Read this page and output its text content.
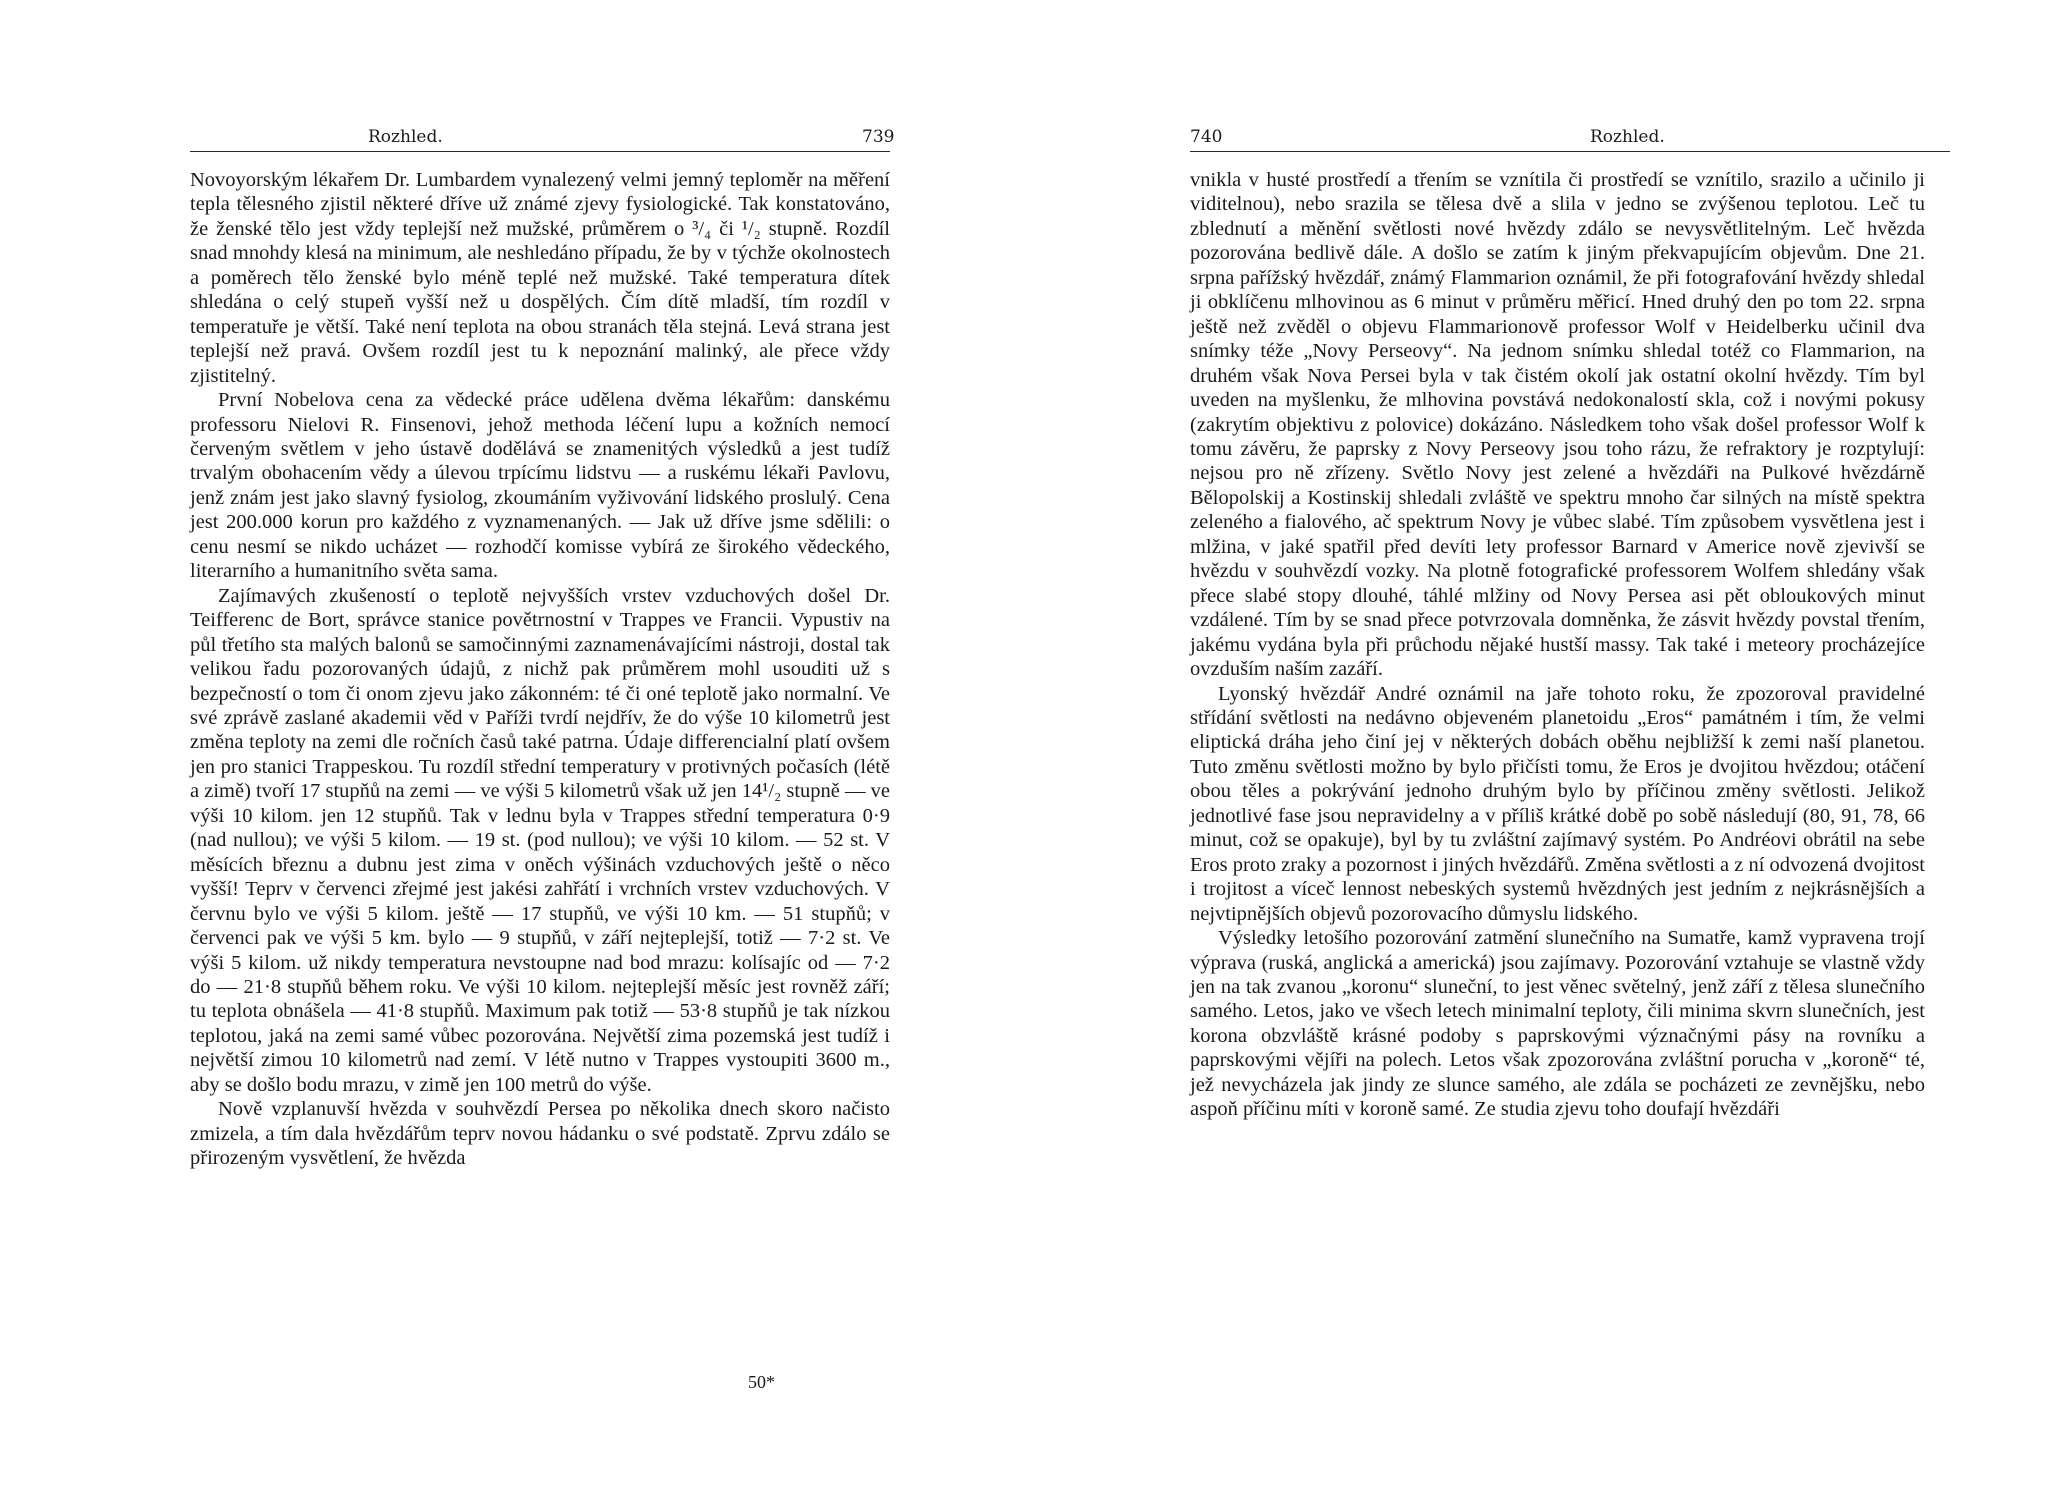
Rozhled.	739

Novoyorským lékařem Dr. Lumbardem vynalezený velmi jemný teploměr na měření tepla tělesného zjistil některé dříve už známé zjevy fysiologické. Tak konstatováno, že ženské tělo jest vždy teplejší než mužské, průměrem o ³/₄ či ¹/₂ stupně. Rozdíl snad mnohdy klesá na minimum, ale neshledáno případu, že by v týchže okolnostech a poměrech tělo ženské bylo méně teplé než mužské. Také temperatura dítek shledána o celý stupeň vyšší než u dospělých. Čím dítě mladší, tím rozdíl v temperatuře je větší. Také není teplota na obou stranách těla stejná. Levá strana jest teplejší než pravá. Ovšem rozdíl jest tu k nepoznání malinký, ale přece vždy zjistitelný.

První Nobelova cena za vědecké práce udělena dvěma lékařům: danskému professoru Nielovi R. Finsenovi, jehož methoda léčení lupu a kožních nemocí červeným světlem v jeho ústavě dodělává se znamenitých výsledků a jest tudíž trvalým obohacením vědy a úlevou trpícímu lidstvu — a ruskému lékaři Pavlovu, jenž znám jest jako slavný fysiolog, zkoumáním vyživování lidského proslulý. Cena jest 200.000 korun pro každého z vyznamenaných. — Jak už dříve jsme sdělili: o cenu nesmí se nikdo ucházet — rozhodčí komisse vybírá ze širokého vědeckého, literarního a humanitního světa sama.

Zajímavých zkušeností o teplotě nejvyšších vrstev vzduchových došel Dr. Teifferenc de Bort, správce stanice povětrnostní v Trappes ve Francii. Vypustiv na půl třetího sta malých balonů se samočinnými zaznamenávajícími nástroji, dostal tak velikou řadu pozorovaných údajů, z nichž pak průměrem mohl usouditi už s bezpečností o tom či onom zjevu jako zákonném: té či oné teplotě jako normalní. Ve své zprávě zaslané akademii věd v Paříži tvrdí nejdřív, že do výše 10 kilometrů jest změna teploty na zemi dle ročních časů také patrna. Údaje differencialní platí ovšem jen pro stanici Trappeskou. Tu rozdíl střední temperatury v protivných počasích (létě a zimě) tvoří 17 stupňů na zemi — ve výši 5 kilometrů však už jen 14¹/₂ stupně — ve výši 10 kilom. jen 12 stupňů. Tak v lednu byla v Trappes střední temperatura 0·9 (nad nullou); ve výši 5 kilom. — 19 st. (pod nullou); ve výši 10 kilom. — 52 st. V měsících březnu a dubnu jest zima v oněch výšinách vzduchových ještě o něco vyšší! Teprv v červenci zřejmé jest jakési zahřátí i vrchních vrstev vzduchových. V červnu bylo ve výši 5 kilom. ještě — 17 stupňů, ve výši 10 km. — 51 stupňů; v červenci pak ve výši 5 km. bylo — 9 stupňů, v září nejteplejší, totiž — 7·2 st. Ve výši 5 kilom. už nikdy temperatura nevstoupne nad bod mrazu: kolísajíc od — 7·2 do — 21·8 stupňů během roku. Ve výši 10 kilom. nejteplejší měsíc jest rovněž září; tu teplota obnášela — 41·8 stupňů. Maximum pak totiž — 53·8 stupňů je tak nízkou teplotou, jaká na zemi samé vůbec pozorována. Největší zima pozemská jest tudíž i největší zimou 10 kilometrů nad zemí. V létě nutno v Trappes vystoupiti 3600 m., aby se došlo bodu mrazu, v zimě jen 100 metrů do výše.

Nově vzplanuvší hvězda v souhvězdí Persea po několika dnech skoro načisto zmizela, a tím dala hvězdářům teprv novou hádanku o své podstatě. Zprvu zdálo se přirozeným vysvětlení, že hvězda

50*
740	Rozhled.

vnikla v husté prostředí a třením se vznítila či prostředí se vznítilo, srazilo a učinilo ji viditelnou), nebo srazila se tělesa dvě a slila v jedno se zvýšenou teplotou. Leč tu zblednutí a měnění světlosti nové hvězdy zdálo se nevysvětlitelným. Leč hvězda pozorována bedlivě dále. A došlo se zatím k jiným překvapujícím objevům. Dne 21. srpna pařížský hvězdář, známý Flammarion oznámil, že při fotografování hvězdy shledal ji obklíčenu mlhovinou as 6 minut v průměru měřicí. Hned druhý den po tom 22. srpna ještě než zvěděl o objevu Flammarionově professor Wolf v Heidelberku učinil dva snímky téže „Novy Perseovy“. Na jednom snímku shledal totéž co Flammarion, na druhém však Nova Persei byla v tak čistém okolí jak ostatní okolní hvězdy. Tím byl uveden na myšlenku, že mlhovina povstává nedokonalostí skla, což i novými pokusy (zakrytím objektivu z polovice) dokázáno. Následkem toho však došel professor Wolf k tomu závěru, že paprsky z Novy Perseovy jsou toho rázu, že refraktory je rozptylují: nejsou pro ně zřízeny. Světlo Novy jest zelené a hvězdáři na Pulkové hvězdárně Bělopolskij a Kostinskij shledali zvláště ve spektru mnoho čar silných na místě spektra zeleného a fialového, ač spektrum Novy je vůbec slabé. Tím způsobem vysvětlena jest i mlžina, v jaké spatřil před devíti lety professor Barnard v Americe nově zjevivší se hvězdu v souhvězdí vozky. Na plotně fotografické professorem Wolfem shledány však přece slabé stopy dlouhé, táhlé mlžiny od Novy Persea asi pět obloukových minut vzdálené. Tím by se snad přece potvrzovala domněnka, že zásvit hvězdy povstal třením, jakému vydána byla při průchodu nějaké hustší massy. Tak také i meteory procházejíce ovzduším naším zazáří.

Lyonský hvězdář André oznámil na jaře tohoto roku, že zpozoroval pravidelné střídání světlosti na nedávno objeveném planetoidu „Eros“ památném i tím, že velmi eliptická dráha jeho činí jej v některých dobách oběhu nejbližší k zemi naší planetou. Tuto změnu světlosti možno by bylo přičísti tomu, že Eros je dvojitou hvězdou; otáčení obou těles a pokrývání jednoho druhým bylo by příčinou změny světlosti. Jelikož jednotlivé fase jsou nepravidelny a v příliš krátké době po sobě následují (80, 91, 78, 66 minut, což se opakuje), byl by tu zvláštní zajímavý systém. Po Andréovi obrátil na sebe Eros proto zraky a pozornost i jiných hvězdářů. Změna světlosti a z ní odvozená dvojitost i trojitost a víceč lennost nebeských systemů hvězdných jest jedním z nejkrásnějších a nejvtipnějších objevů pozorovacího důmyslu lidského.

Výsledky letošího pozorování zatmění slunečního na Sumatře, kamž vypravena trojí výprava (ruská, anglická a americká) jsou zajímavy. Pozorování vztahuje se vlastně vždy jen na tak zvanou „koronu“ sluneční, to jest věnec světelný, jenž září z tělesa slunečního samého. Letos, jako ve všech letech minimalní teploty, čili minima skvrn slunečních, jest korona obzvláště krásné podoby s paprskovými význačnými pásy na rovníku a paprskovými vějíři na polech. Letos však zpozorována zvláštní porucha v „koroně“ té, jež nevycházela jak jindy ze slunce samého, ale zdála se pocházeti ze zevnějšku, nebo aspoň příčinu míti v koroně samé. Ze studia zjevu toho doufají hvězdáři
